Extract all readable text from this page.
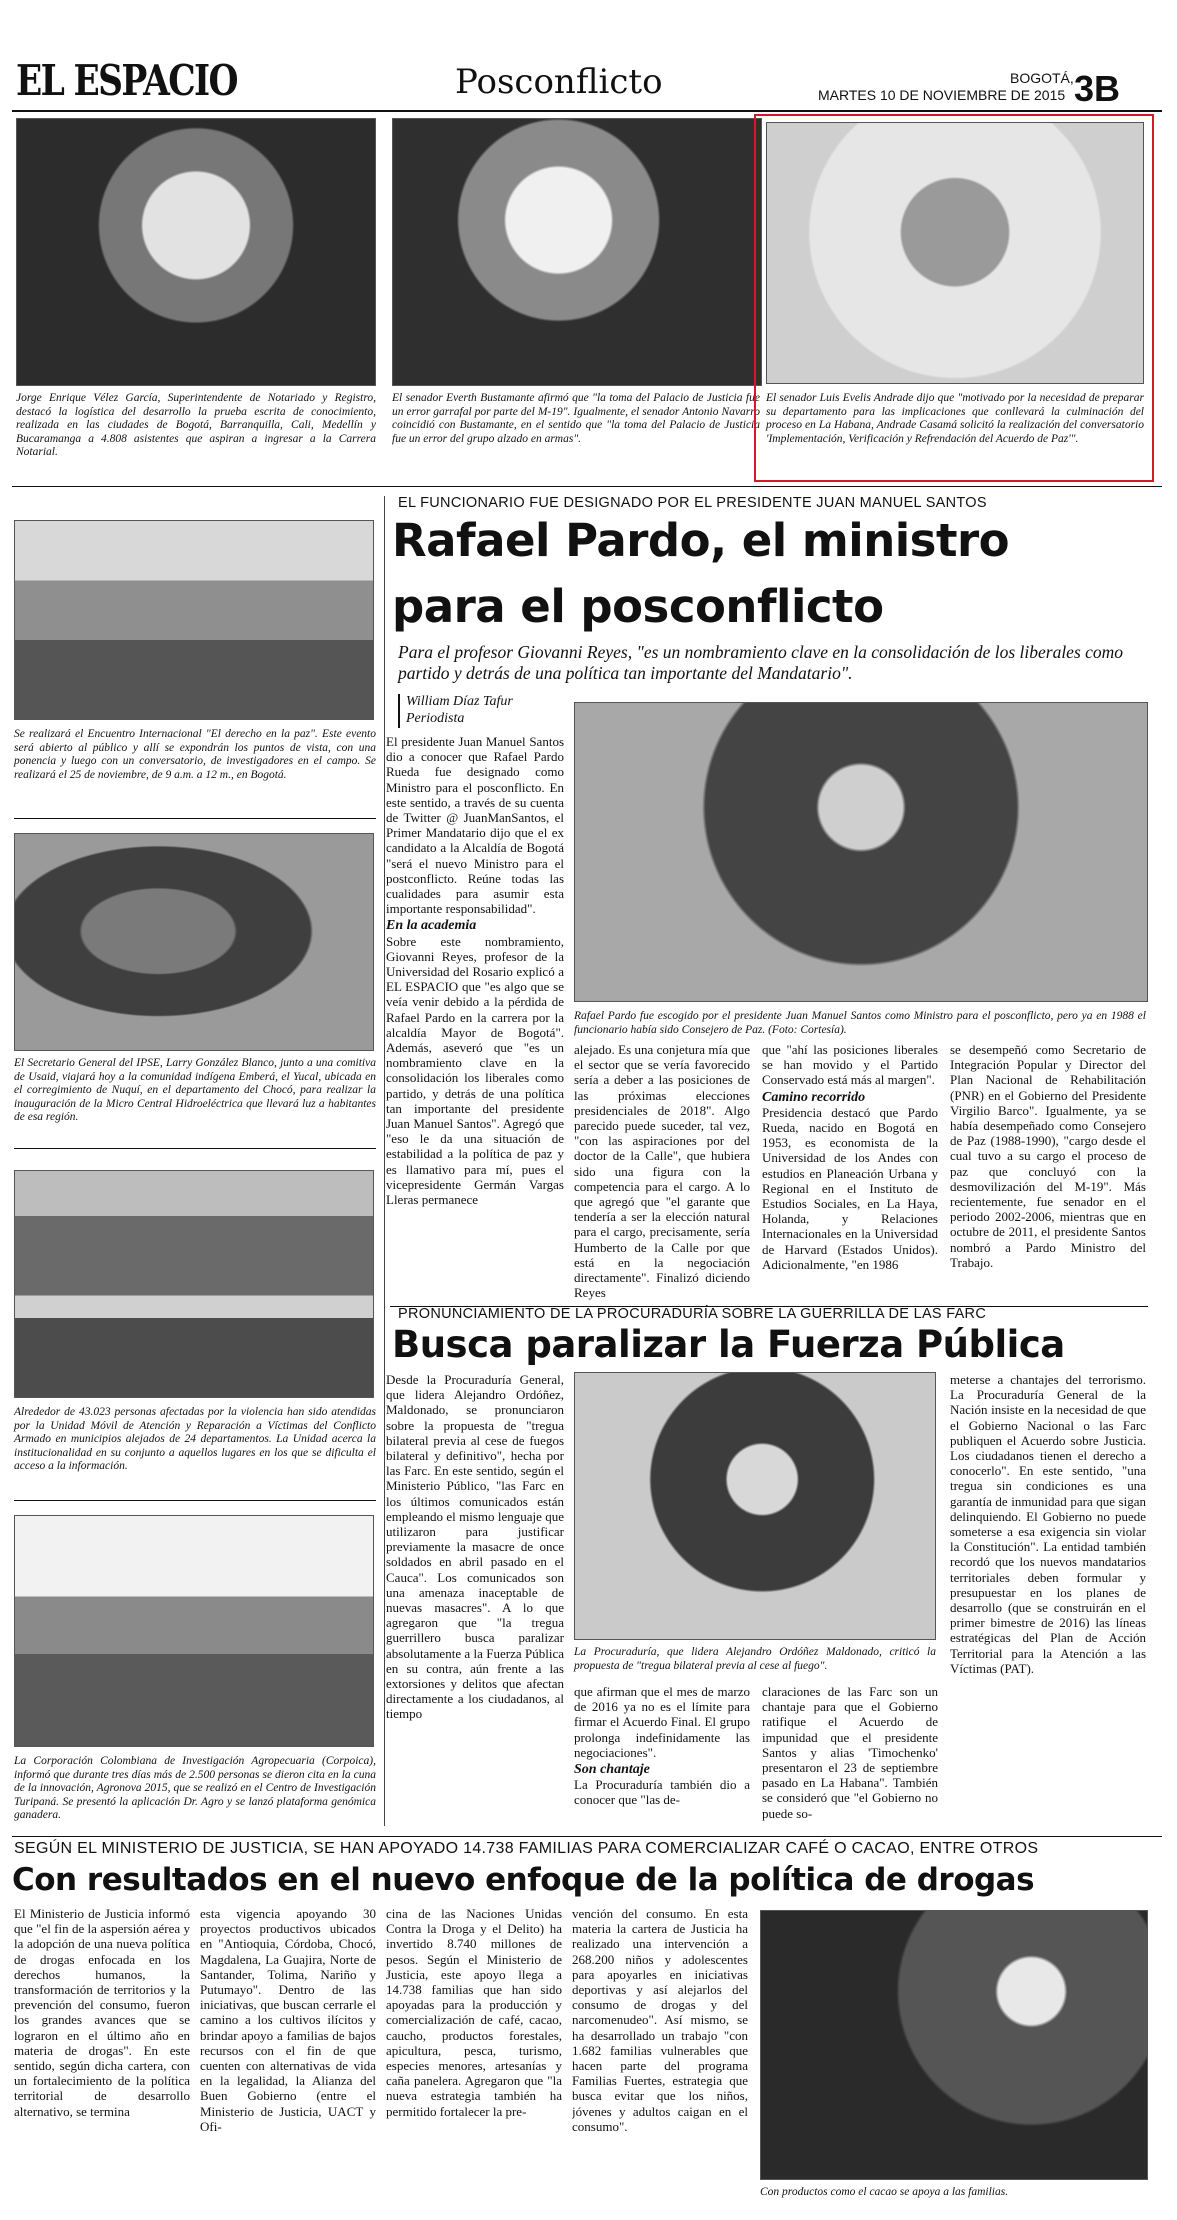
EL ESPACIO	Posconflicto	BOGOTÁ,
MARTES 10 DE NOVIEMBRE DE 2015 3B
Jorge Enrique Vélez García, Superintendente de Notariado y Registro, destacó la logística del desarrollo la prueba escrita de conocimiento, realizada en las ciudades de Bogotá, Barranquilla, Cali, Medellín y Bucaramanga a 4.808 asistentes que aspiran a ingresar a la Carrera Notarial.
El senador Everth Bustamante afirmó que "la toma del Palacio de Justicia fue un error garrafal por parte del M-19". Igualmente, el senador Antonio Navarro coincidió con Bustamante, en el sentido que "la toma del Palacio de Justicia fue un error del grupo alzado en armas".
El senador Luis Evelis Andrade dijo que "motivado por la necesidad de preparar su departamento para las implicaciones que conllevará la culminación del proceso en La Habana, Andrade Casamá solicitó la realización del conversatorio 'Implementación, Verificación y Refrendación del Acuerdo de Paz'".
Se realizará el Encuentro Internacional "El derecho en la paz". Este evento será abierto al público y allí se expondrán los puntos de vista, con una ponencia y luego con un conversatorio, de investigadores en el campo. Se realizará el 25 de noviembre, de 9 a.m. a 12 m., en Bogotá.
El Secretario General del IPSE, Larry González Blanco, junto a una comitiva de Usaid, viajará hoy a la comunidad indígena Emberá, el Yucal, ubicada en el corregimiento de Nuquí, en el departamento del Chocó, para realizar la inauguración de la Micro Central Hidroeléctrica que llevará luz a habitantes de esa región.
Alrededor de 43.023 personas afectadas por la violencia han sido atendidas por la Unidad Móvil de Atención y Reparación a Víctimas del Conflicto Armado en municipios alejados de 24 departamentos. La Unidad acerca la institucionalidad en su conjunto a aquellos lugares en los que se dificulta el acceso a la información.
La Corporación Colombiana de Investigación Agropecuaria (Corpoica), informó que durante tres días más de 2.500 personas se dieron cita en la cuna de la innovación, Agronova 2015, que se realizó en el Centro de Investigación Turipaná. Se presentó la aplicación Dr. Agro y se lanzó plataforma genómica ganadera.
EL FUNCIONARIO FUE DESIGNADO POR EL PRESIDENTE JUAN MANUEL SANTOS
Rafael Pardo, el ministro
para el posconflicto
Para el profesor Giovanni Reyes, "es un nombramiento clave en la consolidación de los liberales como partido y detrás de una política tan importante del Mandatario".
William Díaz Tafur
Periodista

El presidente Juan Manuel Santos dio a conocer que Rafael Pardo Rueda fue designado como Ministro para el posconflicto. En este sentido, a través de su cuenta de Twitter @ JuanManSantos, el Primer Mandatario dijo que el ex candidato a la Alcaldía de Bogotá "será el nuevo Ministro para el postconflicto. Reúne todas las cualidades para asumir esta importante responsabilidad".

En la academia

Sobre este nombramiento, Giovanni Reyes, profesor de la Universidad del Rosario explicó a EL ESPACIO que "es algo que se veía venir debido a la pérdida de Rafael Pardo en la carrera por la alcaldía Mayor de Bogotá". Además, aseveró que "es un nombramiento clave en la consolidación los liberales como partido, y detrás de una política tan importante del presidente Juan Manuel Santos". Agregó que "eso le da una situación de estabilidad a la política de paz y es llamativo para mí, pues el vicepresidente Germán Vargas Lleras permanece

Rafael Pardo fue escogido por el presidente Juan Manuel Santos como Ministro para el posconflicto, pero ya en 1988 el funcionario había sido Consejero de Paz. (Foto: Cortesía).

alejado. Es una conjetura mía que el sector que se vería favorecido sería a deber a las posiciones de las próximas elecciones presidenciales de 2018". Algo parecido puede suceder, tal vez, "con las aspiraciones por del doctor de la Calle", que hubiera sido una figura con la competencia para el cargo. A lo que agregó que "el garante que tendería a ser la elección natural para el cargo, precisamente, sería Humberto de la Calle por que está en la negociación directamente". Finalizó diciendo Reyes

que "ahí las posiciones liberales se han movido y el Partido Conservado está más al margen".

Camino recorrido

Presidencia destacó que Pardo Rueda, nacido en Bogotá en 1953, es economista de la Universidad de los Andes con estudios en Planeación Urbana y Regional en el Instituto de Estudios Sociales, en La Haya, Holanda, y Relaciones Internacionales en la Universidad de Harvard (Estados Unidos). Adicionalmente, "en 1986

se desempeñó como Secretario de Integración Popular y Director del Plan Nacional de Rehabilitación (PNR) en el Gobierno del Presidente Virgilio Barco". Igualmente, ya se había desempeñado como Consejero de Paz (1988-1990), "cargo desde el cual tuvo a su cargo el proceso de paz que concluyó con la desmovilización del M-19". Más recientemente, fue senador en el periodo 2002-2006, mientras que en octubre de 2011, el presidente Santos nombró a Pardo Ministro del Trabajo.

PRONUNCIAMIENTO DE LA PROCURADURÍA SOBRE LA GUERRILLA DE LAS FARC
Busca paralizar la Fuerza Pública

Desde la Procuraduría General, que lidera Alejandro Ordóñez, Maldonado, se pronunciaron sobre la propuesta de "tregua bilateral previa al cese de fuegos bilateral y definitivo", hecha por las Farc. En este sentido, según el Ministerio Público, "las Farc en los últimos comunicados están empleando el mismo lenguaje que utilizaron para justificar previamente la masacre de once soldados en abril pasado en el Cauca". Los comunicados son una amenaza inaceptable de nuevas masacres". A lo que agregaron que "la tregua guerrillero busca paralizar absolutamente a la Fuerza Pública en su contra, aún frente a las extorsiones y delitos que afectan directamente a los ciudadanos, al tiempo

La Procuraduría, que lidera Alejandro Ordóñez Maldonado, criticó la propuesta de "tregua bilateral previa al cese al fuego".

que afirman que el mes de marzo de 2016 ya no es el límite para firmar el Acuerdo Final. El grupo prolonga indefinidamente las negociaciones".

Son chantaje

La Procuraduría también dio a conocer que "las de-

claraciones de las Farc son un chantaje para que el Gobierno ratifique el Acuerdo de impunidad que el presidente Santos y alias 'Timochenko' presentaron el 23 de septiembre pasado en La Habana". También se consideró que "el Gobierno no puede so-

meterse a chantajes del terrorismo. La Procuraduría General de la Nación insiste en la necesidad de que el Gobierno Nacional o las Farc publiquen el Acuerdo sobre Justicia. Los ciudadanos tienen el derecho a conocerlo". En este sentido, "una tregua sin condiciones es una garantía de inmunidad para que sigan delinquiendo. El Gobierno no puede someterse a esa exigencia sin violar la Constitución". La entidad también recordó que los nuevos mandatarios territoriales deben formular y presupuestar en los planes de desarrollo (que se construirán en el primer bimestre de 2016) las líneas estratégicas del Plan de Acción Territorial para la Atención a las Víctimas (PAT).

SEGÚN EL MINISTERIO DE JUSTICIA, SE HAN APOYADO 14.738 FAMILIAS PARA COMERCIALIZAR CAFÉ O CACAO, ENTRE OTROS
Con resultados en el nuevo enfoque de la política de drogas

El Ministerio de Justicia informó que "el fin de la aspersión aérea y la adopción de una nueva política de drogas enfocada en los derechos humanos, la transformación de territorios y la prevención del consumo, fueron los grandes avances que se lograron en el último año en materia de drogas". En este sentido, según dicha cartera, con un fortalecimiento de la política territorial de desarrollo alternativo, se termina

esta vigencia apoyando 30 proyectos productivos ubicados en "Antioquia, Córdoba, Chocó, Magdalena, La Guajira, Norte de Santander, Tolima, Nariño y Putumayo". Dentro de las iniciativas, que buscan cerrarle el camino a los cultivos ilícitos y brindar apoyo a familias de bajos recursos con el fin de que cuenten con alternativas de vida en la legalidad, la Alianza del Buen Gobierno (entre el Ministerio de Justicia, UACT y Ofi-

cina de las Naciones Unidas Contra la Droga y el Delito) ha invertido 8.740 millones de pesos. Según el Ministerio de Justicia, este apoyo llega a 14.738 familias que han sido apoyadas para la producción y comercialización de café, cacao, caucho, productos forestales, apicultura, pesca, turismo, especies menores, artesanías y caña panelera. Agregaron que "la nueva estrategia también ha permitido fortalecer la pre-

vención del consumo. En esta materia la cartera de Justicia ha realizado una intervención a 268.200 niños y adolescentes para apoyarles en iniciativas deportivas y así alejarlos del consumo de drogas y del narcomenudeo". Así mismo, se ha desarrollado un trabajo "con 1.682 familias vulnerables que hacen parte del programa Familias Fuertes, estrategia que busca evitar que los niños, jóvenes y adultos caigan en el consumo".

Con productos como el cacao se apoya a las familias.
